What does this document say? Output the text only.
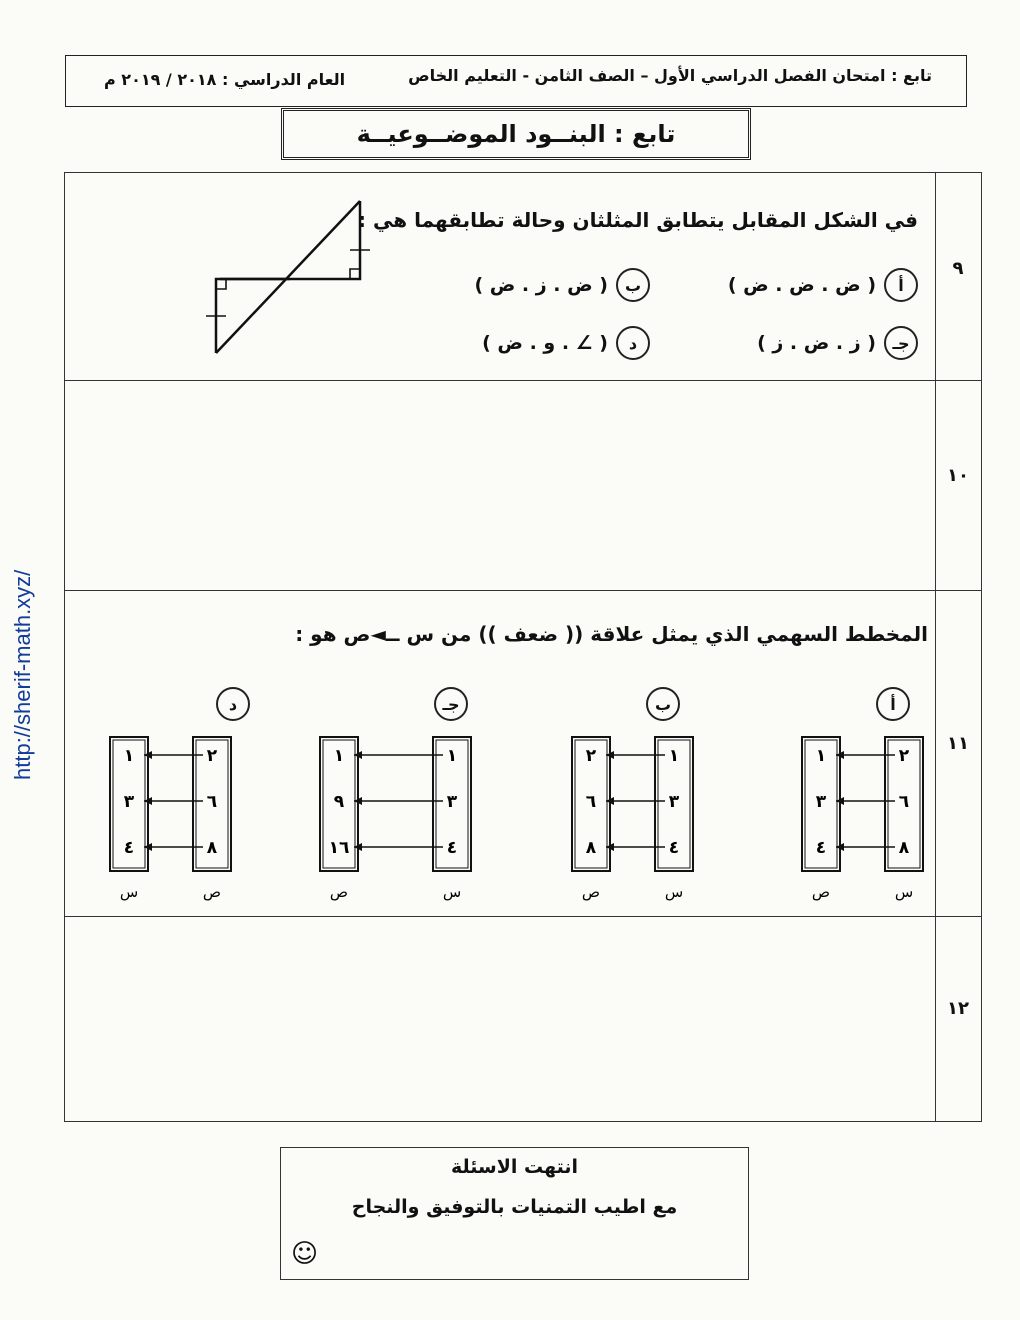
العام الدراسي : ٢٠١٨ / ٢٠١٩ م	تابع : امتحان الفصل الدراسي الأول – الصف الثامن - التعليم الخاص
تابع : البنــود الموضــوعيــة
http://sherif-math.xyz/
٩
في الشكل المقابل يتطابق المثلثان وحالة تطابقهما هي :
أ
( ض . ض . ض )
ب
( ض . ز . ض )
جـ
( ز . ض . ز )
د
( ∠ . و . ض )
١٠
١١
المخطط السهمي الذي يمثل علاقة (( ضعف )) من س ــ◄ص هو :
أ
١	٢
٣	٦
٤	٨
ص	س
ب
٢	١
٦	٣
٨	٤
ص	س
جـ
١	١
٩	٣
١٦	٤
ص	س
د
١	٢
٣	٦
٤	٨
س	ص
١٢
انتهت الاسئلة
مع اطيب التمنيات بالتوفيق والنجاح
☺
